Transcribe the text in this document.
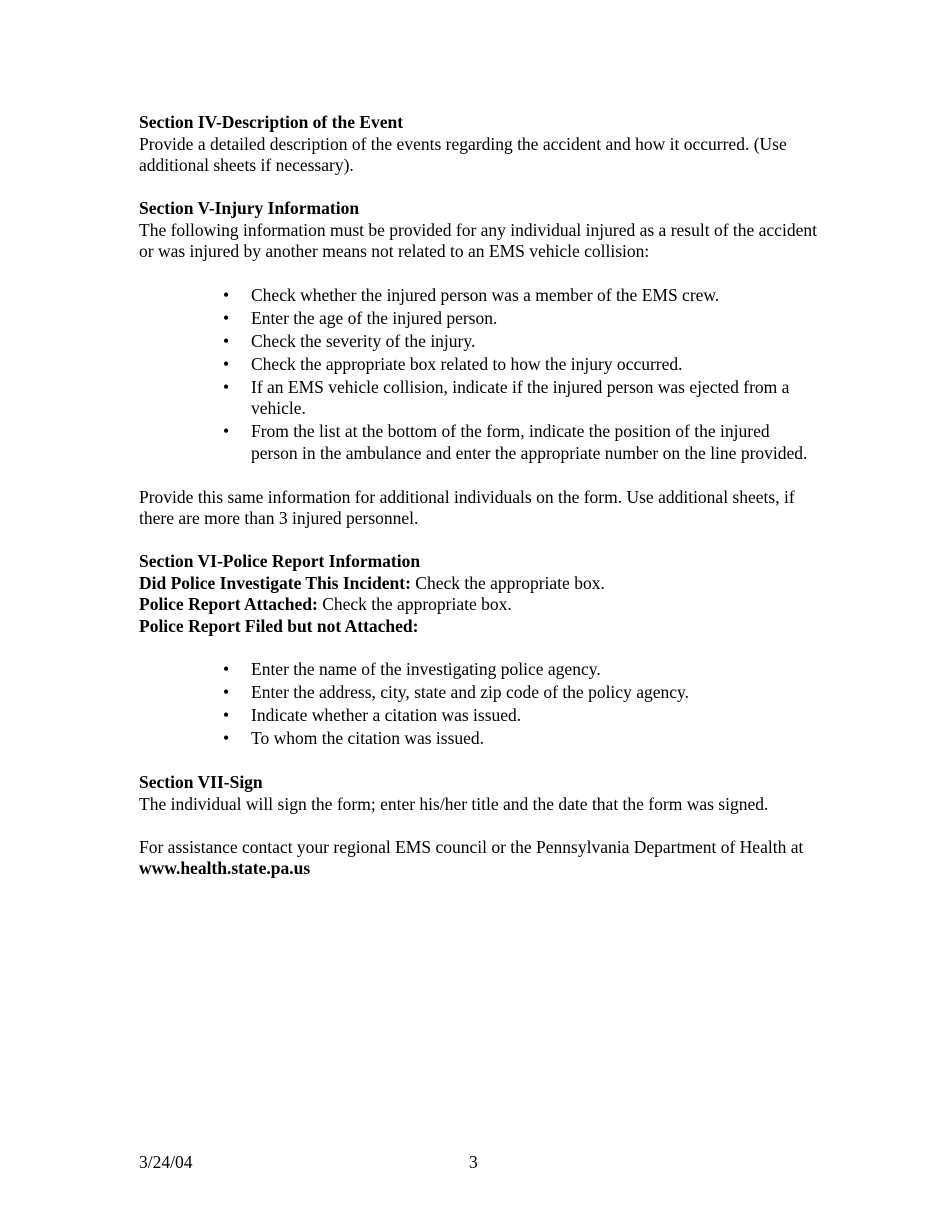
Section IV-Description of the Event

Provide a detailed description of the events regarding the accident and how it occurred. (Use additional sheets if necessary).

Section V-Injury Information

The following information must be provided for any individual injured as a result of the accident or was injured by another means not related to an EMS vehicle collision:

• Check whether the injured person was a member of the EMS crew.
• Enter the age of the injured person.
• Check the severity of the injury.
• Check the appropriate box related to how the injury occurred.
• If an EMS vehicle collision, indicate if the injured person was ejected from a vehicle.
• From the list at the bottom of the form, indicate the position of the injured person in the ambulance and enter the appropriate number on the line provided.

Provide this same information for additional individuals on the form. Use additional sheets, if there are more than 3 injured personnel.

Section VI-Police Report Information

Did Police Investigate This Incident: Check the appropriate box.

Police Report Attached: Check the appropriate box.

Police Report Filed but not Attached:

• Enter the name of the investigating police agency.
• Enter the address, city, state and zip code of the policy agency.
• Indicate whether a citation was issued.
• To whom the citation was issued.

Section VII-Sign

The individual will sign the form; enter his/her title and the date that the form was signed.

For assistance contact your regional EMS council or the Pennsylvania Department of Health at www.health.state.pa.us

3/24/04	3
